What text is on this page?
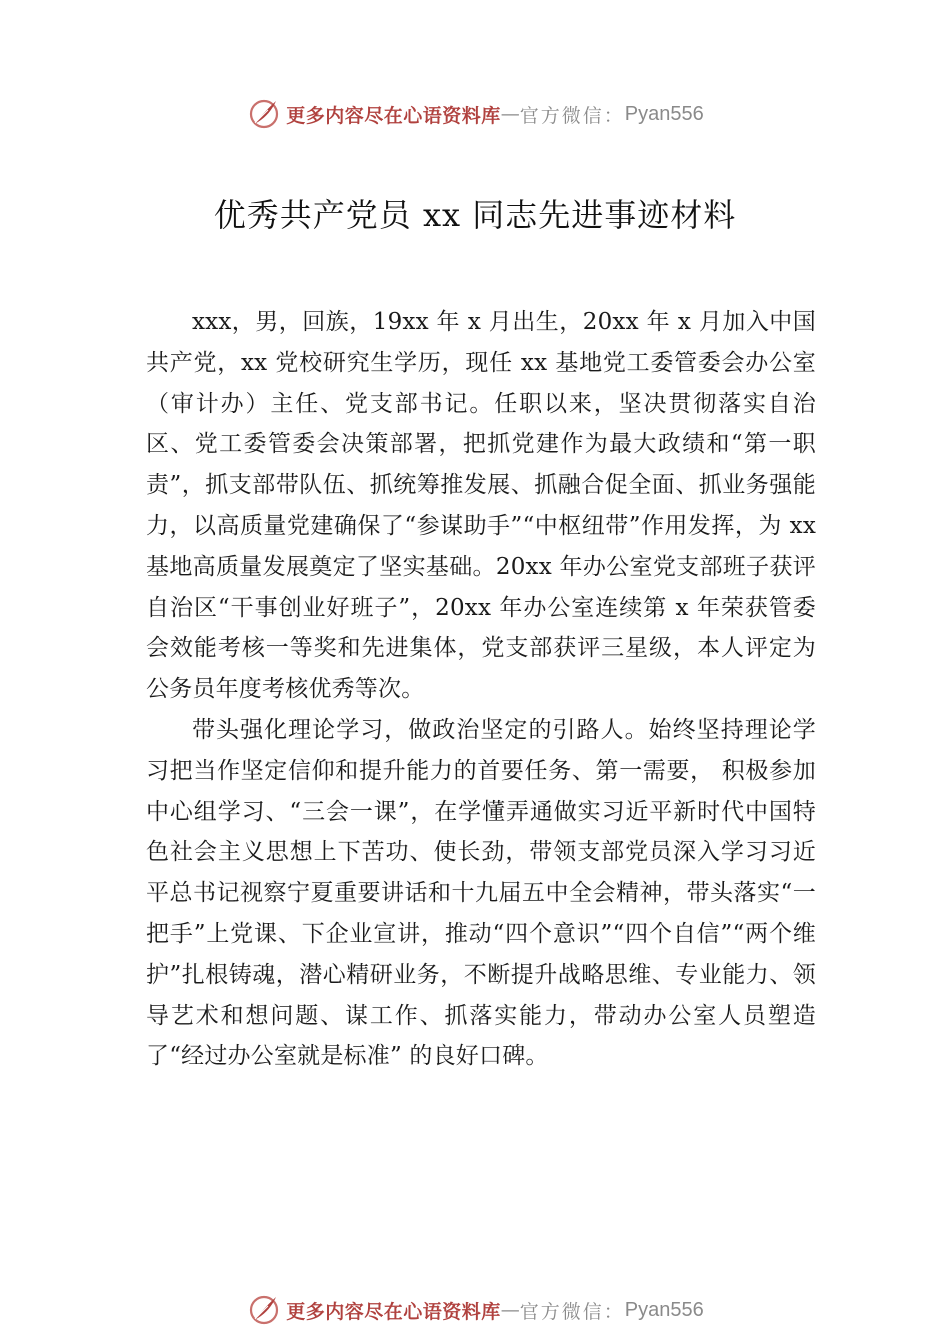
更多内容尽在心语资料库 — 官方微信： Pyan556
优秀共产党员 xx 同志先进事迹材料

xxx，男，回族，19xx 年 x 月出生，20xx 年 x 月加入中国共产党，xx 党校研究生学历，现任 xx 基地党工委管委会办公室（审计办）主任、党支部书记。任职以来，坚决贯彻落实自治区、党工委管委会决策部署，把抓党建作为最大政绩和“第一职责”，抓支部带队伍、抓统筹推发展、抓融合促全面、抓业务强能力，以高质量党建确保了“参谋助手”“中枢纽带”作用发挥，为 xx 基地高质量发展奠定了坚实基础。20xx 年办公室党支部班子获评自治区“干事创业好班子”，20xx 年办公室连续第 x 年荣获管委会效能考核一等奖和先进集体，党支部获评三星级，本人评定为公务员年度考核优秀等次。

带头强化理论学习，做政治坚定的引路人。始终坚持理论学习把当作坚定信仰和提升能力的首要任务、第一需要， 积极参加中心组学习、“三会一课”，在学懂弄通做实习近平新时代中国特色社会主义思想上下苦功、使长劲，带领支部党员深入学习习近平总书记视察宁夏重要讲话和十九届五中全会精神，带头落实“一把手”上党课、下企业宣讲，推动“四个意识”“四个自信”“两个维护”扎根铸魂，潜心精研业务，不断提升战略思维、专业能力、领导艺术和想问题、谋工作、抓落实能力，带动办公室人员塑造了“经过办公室就是标准” 的良好口碑。

更多内容尽在心语资料库 — 官方微信： Pyan556
